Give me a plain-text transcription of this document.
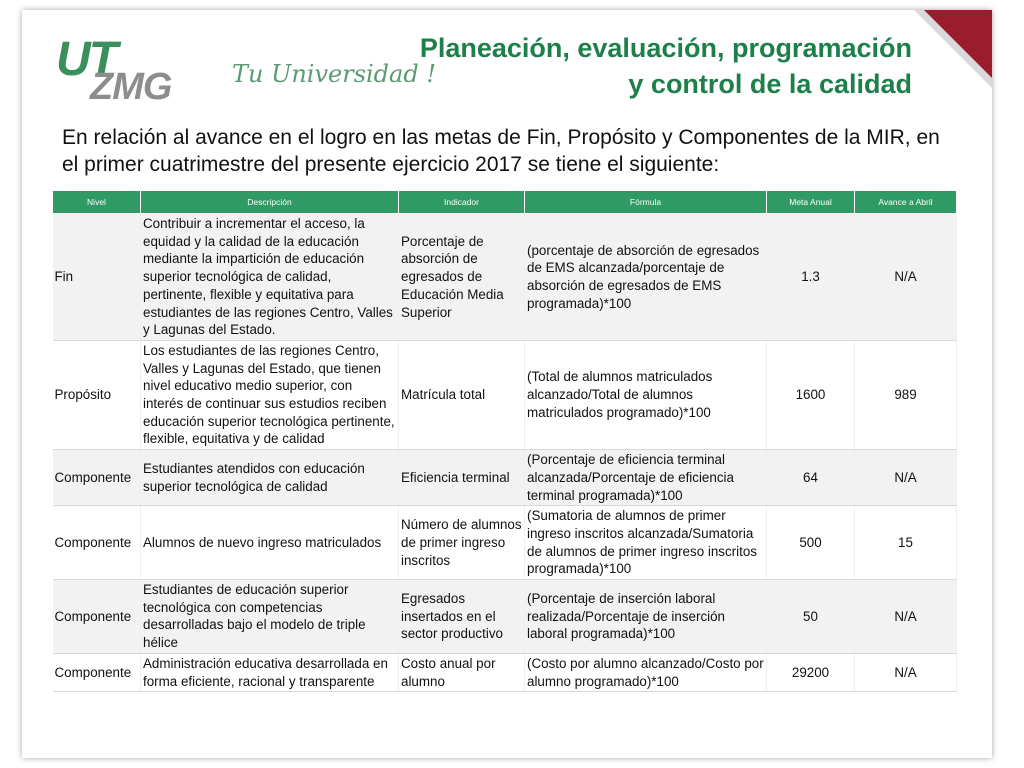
UT
ZMG	Tu Universidad !
Planeación, evaluación, programación
y control de la calidad
En relación al avance en el logro en las metas de Fin, Propósito y Componentes de la MIR, en el primer cuatrimestre del presente ejercicio 2017 se tiene el siguiente:
Nivel	Descripción	Indicador	Fórmula	Meta Anual	Avance a Abril
Fin	Contribuir a incrementar el acceso, la equidad y la calidad de la educación mediante la impartición de educación superior tecnológica de calidad, pertinente, flexible y equitativa para estudiantes de las regiones Centro, Valles y Lagunas del Estado.	Porcentaje de absorción de egresados de Educación Media Superior	(porcentaje de absorción de egresados de EMS alcanzada/porcentaje de absorción de egresados de EMS programada)*100	1.3	N/A
Propósito	Los estudiantes de las regiones Centro, Valles y Lagunas del Estado, que tienen nivel educativo medio superior, con interés de continuar sus estudios reciben educación superior tecnológica pertinente, flexible, equitativa y de calidad	Matrícula total	(Total de alumnos matriculados alcanzado/Total de alumnos matriculados programado)*100	1600	989
Componente	Estudiantes atendidos con educación superior tecnológica de calidad	Eficiencia terminal	(Porcentaje de eficiencia terminal alcanzada/Porcentaje de eficiencia terminal programada)*100	64	N/A
Componente	Alumnos de nuevo ingreso matriculados	Número de alumnos de primer ingreso inscritos	(Sumatoria de alumnos de primer ingreso inscritos alcanzada/Sumatoria de alumnos de primer ingreso inscritos programada)*100	500	15
Componente	Estudiantes de educación superior tecnológica con competencias desarrolladas bajo el modelo de triple hélice	Egresados insertados en el sector productivo	(Porcentaje de inserción laboral realizada/Porcentaje de inserción laboral programada)*100	50	N/A
Componente	Administración educativa desarrollada en forma eficiente, racional y transparente	Costo anual por alumno	(Costo por alumno alcanzado/Costo por alumno programado)*100	29200	N/A
